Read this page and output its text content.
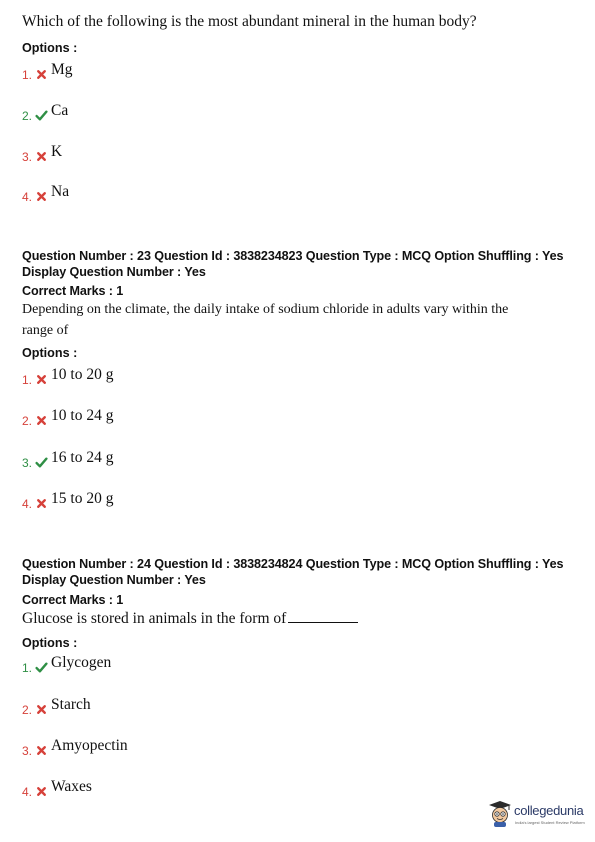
Which of the following is the most abundant mineral in the human body?
Options :
1. Mg
2. Ca
3. K
4. Na
Question Number : 23 Question Id : 3838234823 Question Type : MCQ Option Shuffling : Yes
Display Question Number : Yes
Correct Marks : 1
Depending on the climate, the daily intake of sodium chloride in adults vary within the
range of
Options :
1. 10 to 20 g
2. 10 to 24 g
3. 16 to 24 g
4. 15 to 20 g
Question Number : 24 Question Id : 3838234824 Question Type : MCQ Option Shuffling : Yes
Display Question Number : Yes
Correct Marks : 1
Glucose is stored in animals in the form of
Options :
1. Glycogen
2. Starch
3. Amyopectin
4. Waxes
collegedunia
India's largest Student Review Platform
